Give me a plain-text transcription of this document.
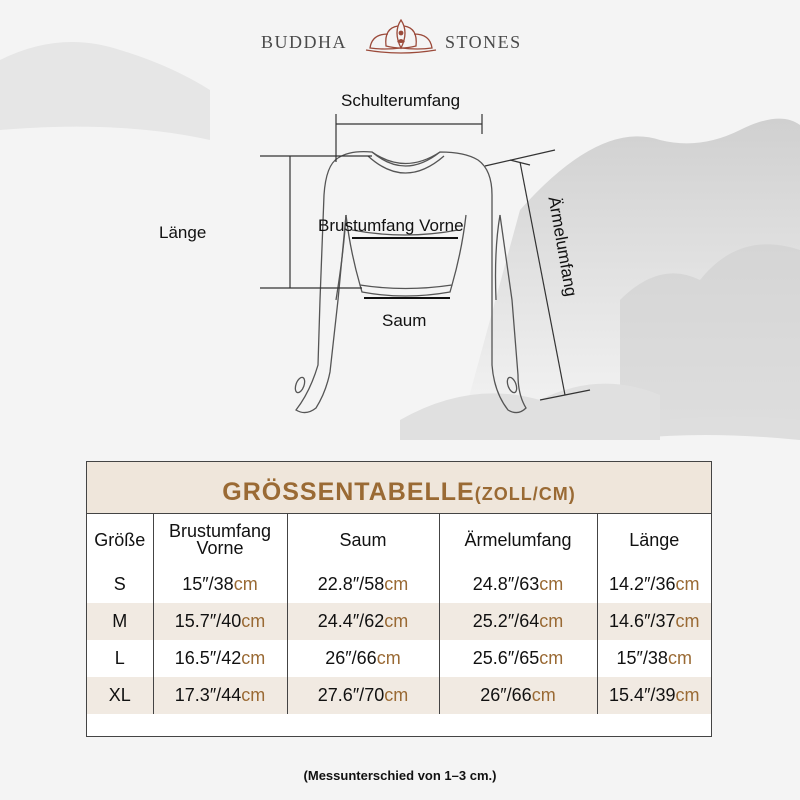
BUDDHA	STONES
Schulterumfang
Brustumfang Vorne
Saum
Länge	Ärmelumfang
GRÖSSENTABELLE(ZOLL/CM)
Größe	Brustumfang Vorne	Saum	Ärmelumfang	Länge
S	15″/38cm	22.8″/58cm	24.8″/63cm	14.2″/36cm
M	15.7″/40cm	24.4″/62cm	25.2″/64cm	14.6″/37cm
L	16.5″/42cm	26″/66cm	25.6″/65cm	15″/38cm
XL	17.3″/44cm	27.6″/70cm	26″/66cm	15.4″/39cm
(Messunterschied von 1–3 cm.)
